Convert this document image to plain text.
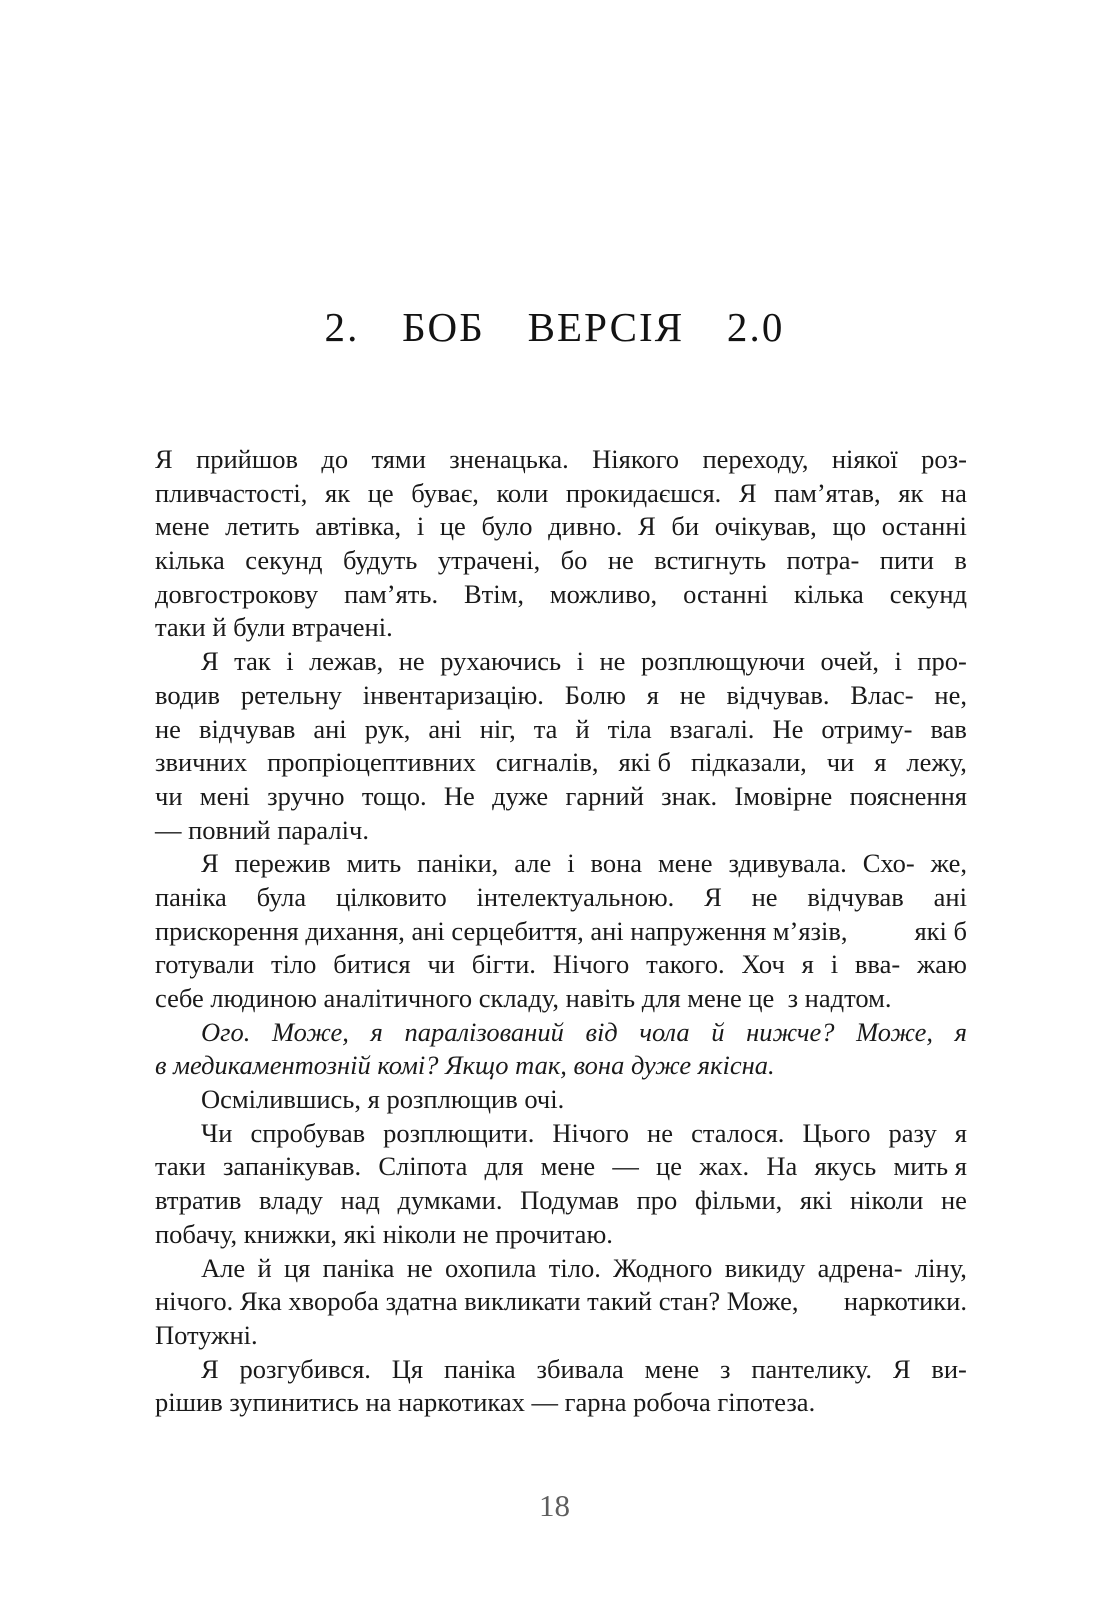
2.  БОБ  ВЕРСІЯ  2.0
Я прийшов до тями зненацька. Ніякого переходу, ніякої роз-
пливчастості, як це буває, коли прокидаєшся. Я пам’ятав, як на
мене летить автівка, і це було дивно. Я би очікував, що останні
кілька секунд будуть утрачені, бо не встигнуть потра- пити в
довгострокову пам’ять. Втім, можливо, останні кілька секунд
таки й були втрачені.
Я так і лежав, не рухаючись і не розплющуючи очей, і про-
водив ретельну інвентаризацію. Болю я не відчував. Влас- не,
не відчував ані рук, ані ніг, та й тіла взагалі. Не отриму- вав
звичних пропріоцептивних сигналів, які б підказали, чи я лежу,
чи мені зручно тощо. Не дуже гарний знак. Імовірне пояснення
— повний параліч.
Я пережив мить паніки, але і вона мене здивувала. Схо- же,
паніка була цілковито інтелектуальною. Я не відчував ані
прискорення дихання, ані серцебиття, ані напруження м’язів,	які б
готували тіло битися чи бігти. Нічого такого. Хоч я і вва- жаю
себе людиною аналітичного складу, навіть для мене це  з надтом.
Ого. Може, я паралізований від чола й нижче? Може, я
в медикаментозній комі? Якщо так, вона дуже якісна.
Осмілившись, я розплющив очі.
Чи спробував розплющити. Нічого не сталося. Цього разу я
таки запанікував. Сліпота для мене — це жах. На якусь мить я
втратив владу над думками. Подумав про фільми, які ніколи не
побачу, книжки, які ніколи не прочитаю.
Але й ця паніка не охопила тіло. Жодного викиду адрена- ліну,
нічого. Яка хвороба здатна викликати такий стан? Може, наркотики.
Потужні.
Я розгубився. Ця паніка збивала мене з пантелику. Я ви-
рішив зупинитись на наркотиках — гарна робоча гіпотеза.
18
